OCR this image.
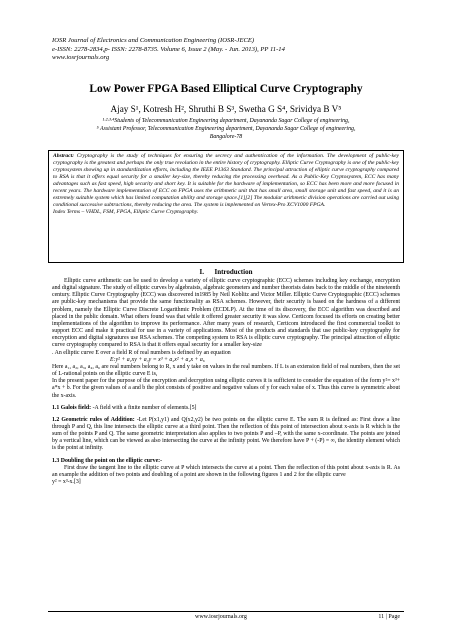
IOSR Journal of Electronics and Communication Engineering (IOSR-JECE)
e-ISSN: 2278-2834,p- ISSN: 2278-8735. Volume 6, Issue 2 (May. - Jun. 2013), PP 11-14
www.iosrjournals.org
Low Power FPGA Based Elliptical Curve Cryptography
Ajay S¹, Kotresh H², Shruthi B S³, Swetha G S⁴, Srividya B V⁵
¹·²·³·⁴Students of Telecommunication Engineering department, Dayananda Sagar College of engineering,
⁵ Assistant Professor, Telecommunication Engineering department, Dayananda Sagar College of engineering,
Bangalore-78

Abstract: Cryptography is the study of techniques for ensuring the secrecy and authentication of the information. The development of public-key cryptography is the greatest and perhaps the only true revolution in the entire history of cryptography. Elliptic Curve Cryptography is one of the public-key cryptosystem showing up in standardization efforts, including the IEEE P1363 Standard. The principal attraction of elliptic curve cryptography compared to RSA is that it offers equal security for a smaller key-size, thereby reducing the processing overhead. As a Public-Key Cryptosystem, ECC has many advantages such as fast speed, high security and short key. It is suitable for the hardware of implementation, so ECC has been more and more focused in recent years. The hardware implementation of ECC on FPGA uses the arithmetic unit that has small area, small storage unit and fast speed, and it is an extremely suitable system which has limited computation ability and storage space.[1][2] The modular arithmetic division operations are carried out using conditional successive subtractions, thereby reducing the area. The system is implemented on Vertex-Pro XCV1000 FPGA.
Index Terms – VHDL, FSM, FPGA, Elliptic Curve Cryptography.

I. Introduction

Elliptic curve arithmetic can be used to develop a variety of elliptic curve cryptographic (ECC) schemes including key exchange, encryption and digital signature. The study of elliptic curves by algebraists, algebraic geometers and number theorists dates back to the middle of the nineteenth century. Elliptic Curve Cryptography (ECC) was discovered in1985 by Neil Koblitz and Victor Miller. Elliptic Curve Cryptographic (ECC) schemes are public-key mechanisms that provide the same functionality as RSA schemes. However, their security is based on the hardness of a different problem, namely the Elliptic Curve Discrete Logarithmic Problem (ECDLP). At the time of its discovery, the ECC algorithm was described and placed in the public domain. What others found was that while it offered greater security it was slow. Certicom focused its efforts on creating better implementations of the algorithm to improve its performance. After many years of research, Certicom introduced the first commercial toolkit to support ECC and make it practical for use in a variety of applications. Most of the products and standards that use public-key cryptography for encryption and digital signatures use RSA schemes. The competing system to RSA is elliptic curve cryptography. The principal attraction of elliptic curve cryptography compared to RSA is that it offers equal security for a smaller key-size

. An elliptic curve E over a field R of real numbers is defined by an equation

E:y² + a₁xy + a₃y = x³ + a₂x² + a₄x + a₆

Here a₁, a₂, a₃, a₄, a₆ are real numbers belong to R, x and y take on values in the real numbers. If L is an extension field of real numbers, then the set of L-rational points on the elliptic curve E is,

In the present paper for the purpose of the encryption and decryption using elliptic curves it is sufficient to consider the equation of the form y²= x³+ a*x + b. For the given values of a and b the plot consists of positive and negative values of y for each value of x. Thus this curve is symmetric about the x-axis.

1.1 Galois field: -A field with a finite number of elements.[5]

1.2 Geometric rules of Addition: -Let P(x1,y1) and Q(x2,y2) be two points on the elliptic curve E. The sum R is defined as: First draw a line through P and Q, this line intersects the elliptic curve at a third point. Then the reflection of this point of intersection about x-axis is R which is the sum of the points P and Q. The same geometric interpretation also applies to two points P and –P, with the same x-coordinate. The points are joined by a vertical line, which can be viewed as also intersecting the curve at the infinity point. We therefore have P + (-P) = ∞, the identity element which is the point at infinity.

1.3 Doubling the point on the elliptic curve:-

First draw the tangent line to the elliptic curve at P which intersects the curve at a point. Then the reflection of this point about x-axis is R. As an example the addition of two points and doubling of a point are shown in the following figures 1 and 2 for the elliptic curve

y² = x³-x.[3]

www.iosrjournals.org	11 | Page
